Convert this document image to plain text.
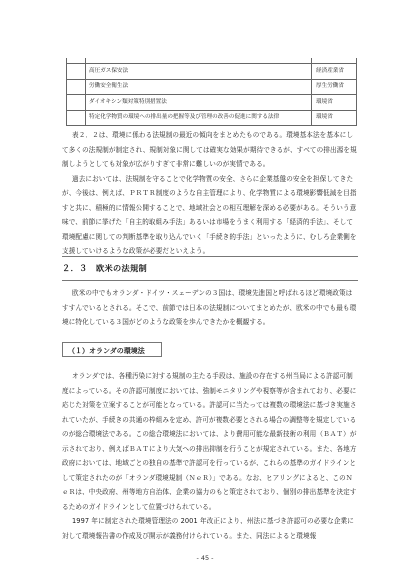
	高圧ガス保安法	経済産業省
	労働安全衛生法	厚生労働省
	ダイオキシン類対策特別措置法	環境省
	特定化学物質の環境への排出量の把握等及び管理の改善の促進に関する法律	環境省

表２．２は、環境に係わる法規制の最近の傾向をまとめたものである。環境基本法を基本にして多くの法規制が制定され、規制対象に関しては確実な効果が期待できるが、すべての排出源を規制しようとしても対象が広がりすぎて非常に難しいのが実情である。

過去においては、法規制を守ることで化学物質の安全、さらに企業基盤の安全を担保してきたが、今後は、例えば、ＰＲＴＲ制度のような自主管理により、化学物質による環境影響低減を目指すと共に、積極的に情報公開することで、地域社会との相互理解を深める必要がある。そういう意味で、前節に挙げた「自主的取組み手法」あるいは市場をうまく利用する「経済的手法」、そして環境配慮に関しての判断基準を取り込んでいく「手続き的手法」といったように、むしろ企業側を支援していけるような政策が必要だといえよう。

２．３ 欧米の法規制

欧米の中でもオランダ・ドイツ・スェーデンの３国は、環境先進国と呼ばれるほど環境政策はすすんでいるとされる。そこで、前節では日本の法規制についてまとめたが、欧米の中でも最も環境に特化している３国がどのような政策を歩んできたかを概観する。

（１）オランダの環境法

オランダでは、各種汚染に対する規制の主たる手段は、施設の存在する州当局による許認可制度によっている。その許認可制度においては、強制モニタリングや視察等が含まれており、必要に応じた対策を立案することが可能となっている。許認可に当たっては複数の環境法に基づき実施されていたが、手続きの共通の枠組みを定め、許可が複数必要とされる場合の調整等を規定しているのが総合環境法である。この総合環境法においては、より費用可能な最新技術の利用（ＢＡＴ）が示されており、例えばＢＡＴにより大気への排出抑制を行うことが規定されている。また、各地方政府においては、地域ごとの独自の基準で許認可を行っているが、これらの基準のガイドラインとして策定されたのが「オランダ環境規制（ＮｅＲ）」である。なお、ヒアリングによると、このＮｅＲは、中央政府、州等地方自治体、企業の協力のもと策定されており、個別の排出基準を決定するためのガイドラインとして位置づけられている。

1997 年に制定された環境管理法の 2001 年改正により、州法に基づき許認可の必要な企業に対して環境報告書の作成及び開示が義務付けられている。また、同法によると環境報

- 45 -
